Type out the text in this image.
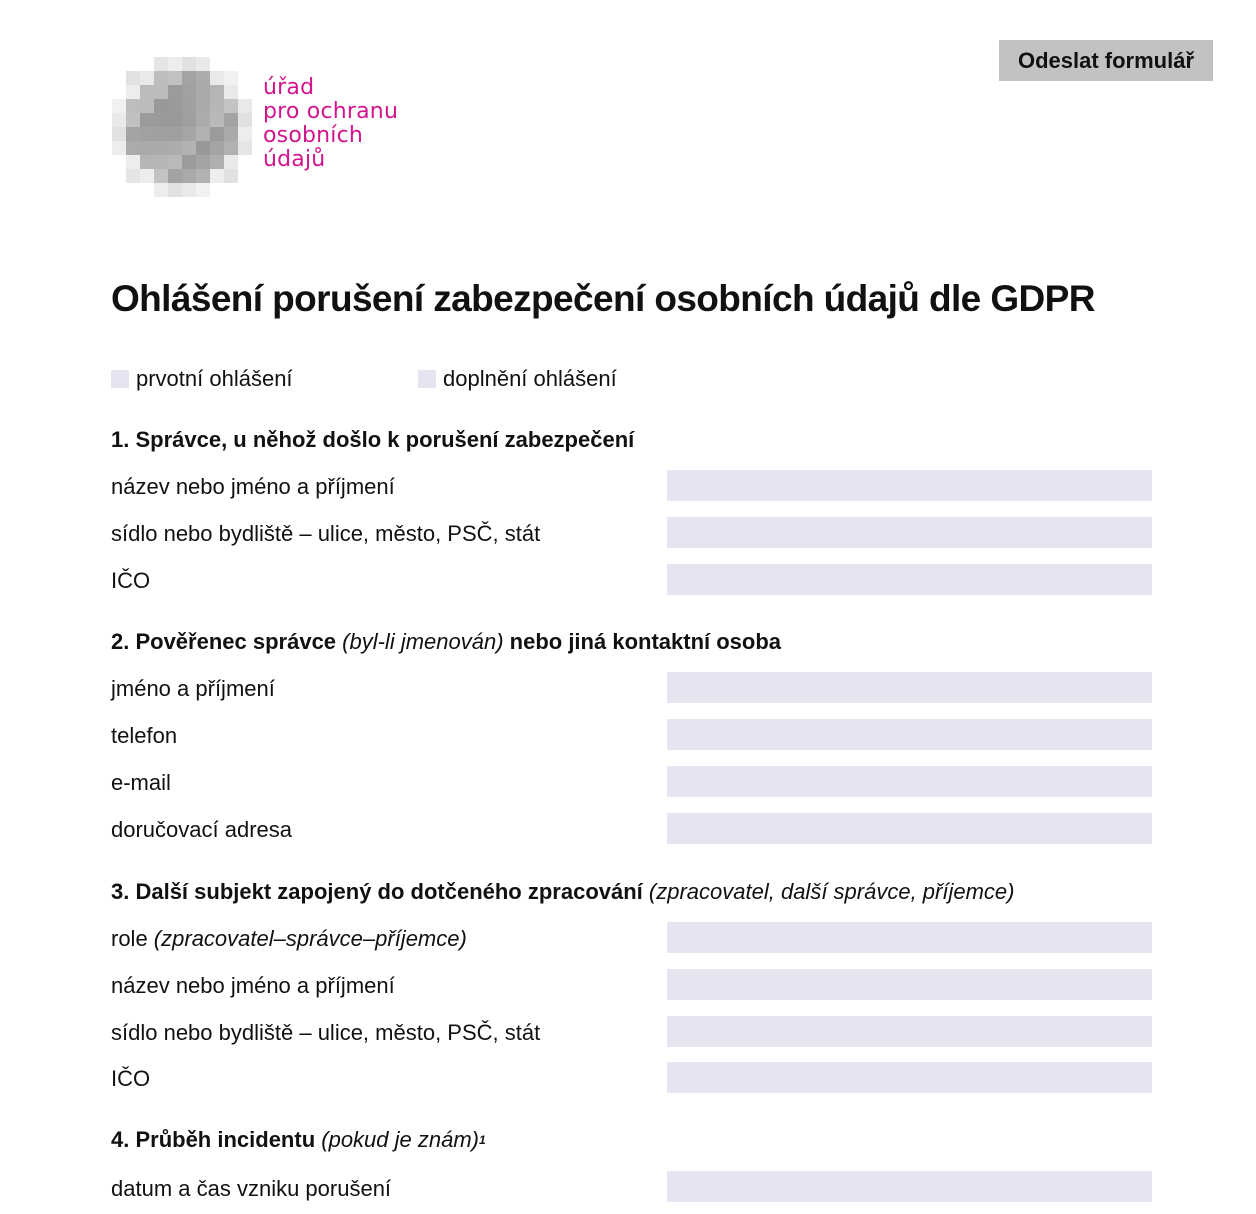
Odeslat formulář
úřad
pro ochranu
osobních
údajů
Ohlášení porušení zabezpečení osobních údajů dle GDPR
prvotní ohlášení	doplnění ohlášení
1. Správce, u něhož došlo k porušení zabezpečení
název nebo jméno a příjmení
sídlo nebo bydliště – ulice, město, PSČ, stát
IČO
2. Pověřenec správce (byl-li jmenován) nebo jiná kontaktní osoba
jméno a příjmení
telefon
e-mail
doručovací adresa
3. Další subjekt zapojený do dotčeného zpracování (zpracovatel, další správce, příjemce)
role (zpracovatel–správce–příjemce)
název nebo jméno a příjmení
sídlo nebo bydliště – ulice, město, PSČ, stát
IČO
4. Průběh incidentu (pokud je znám)$^1$
datum a čas vzniku porušení
